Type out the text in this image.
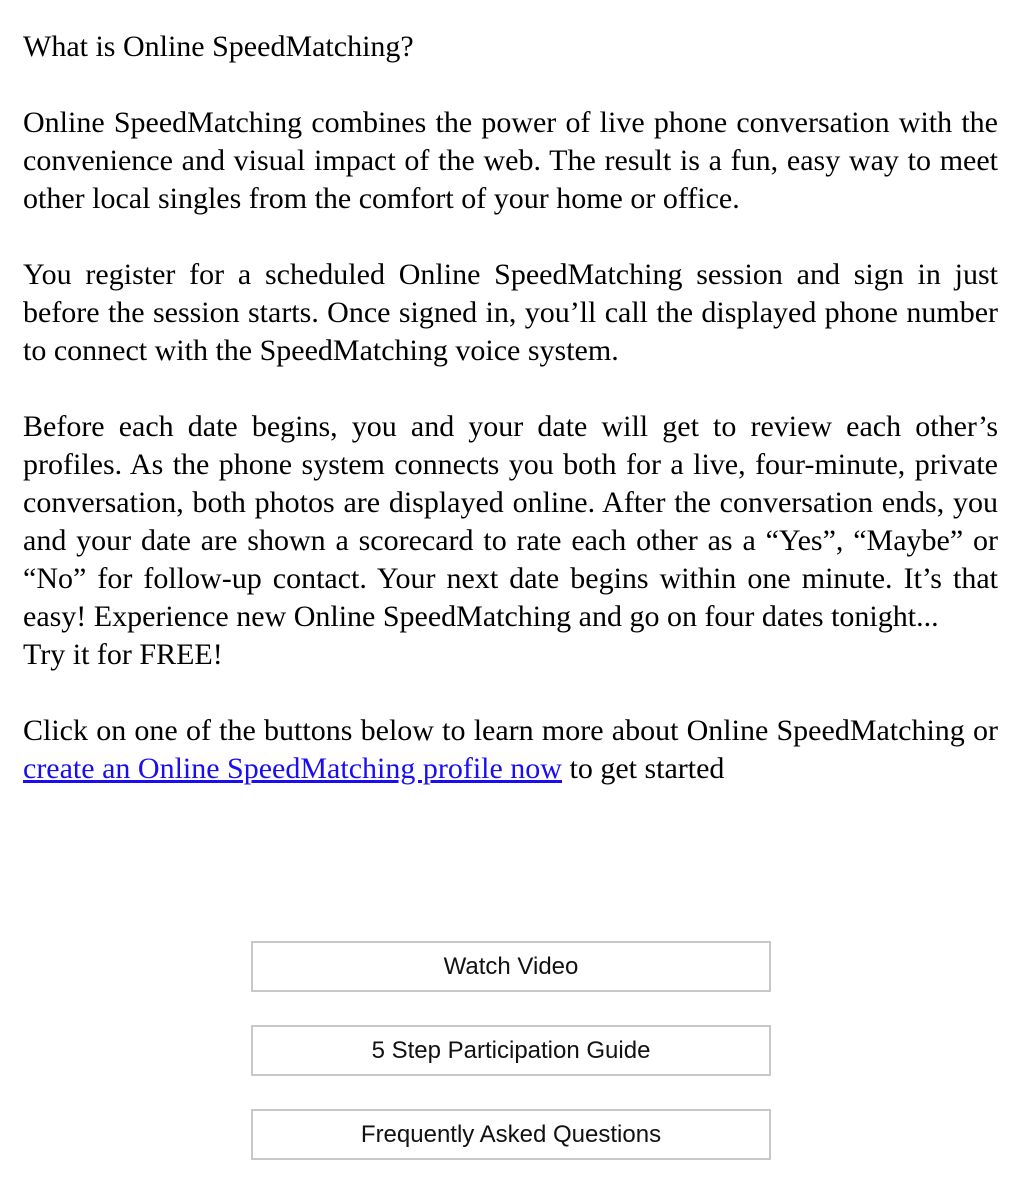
What is Online SpeedMatching?
Online SpeedMatching combines the power of live phone conversation with the convenience and visual impact of the web. The result is a fun, easy way to meet other local singles from the comfort of your home or office.
You register for a scheduled Online SpeedMatching session and sign in just before the session starts. Once signed in, you’ll call the displayed phone number to connect with the SpeedMatching voice system.
Before each date begins, you and your date will get to review each other’s profiles. As the phone system connects you both for a live, four-minute, private conversation, both photos are displayed online. After the conversation ends, you and your date are shown a scorecard to rate each other as a “Yes”, “Maybe” or “No” for follow-up contact. Your next date begins within one minute. It’s that easy! Experience new Online SpeedMatching and go on four dates tonight...
Try it for FREE!
Click on one of the buttons below to learn more about Online SpeedMatching or create an Online SpeedMatching profile now to get started
Watch Video
5 Step Participation Guide
Frequently Asked Questions
